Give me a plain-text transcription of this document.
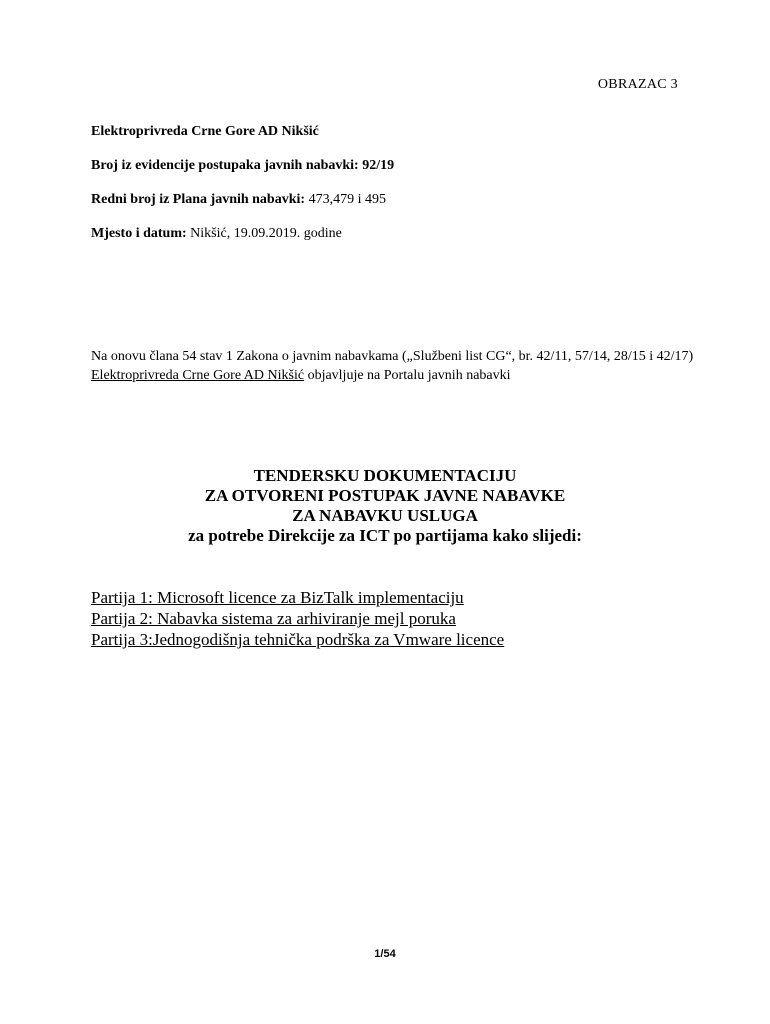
OBRAZAC 3
Elektroprivreda Crne Gore AD Nikšić
Broj iz evidencije postupaka javnih nabavki: 92/19
Redni broj iz Plana javnih nabavki: 473,479 i 495
Mjesto i datum: Nikšić, 19.09.2019. godine
Na onovu člana 54 stav 1 Zakona o javnim nabavkama („Službeni list CG“, br. 42/11, 57/14, 28/15 i 42/17) Elektroprivreda Crne Gore AD Nikšić objavljuje na Portalu javnih nabavki
TENDERSKU DOKUMENTACIJU
ZA OTVORENI POSTUPAK JAVNE NABAVKE
ZA NABAVKU USLUGA
za potrebe Direkcije za ICT po partijama kako slijedi:
Partija 1: Microsoft licence za BizTalk implementaciju
Partija 2: Nabavka sistema za arhiviranje mejl poruka
Partija 3:Jednogodišnja tehnička podrška za Vmware licence
1/54
